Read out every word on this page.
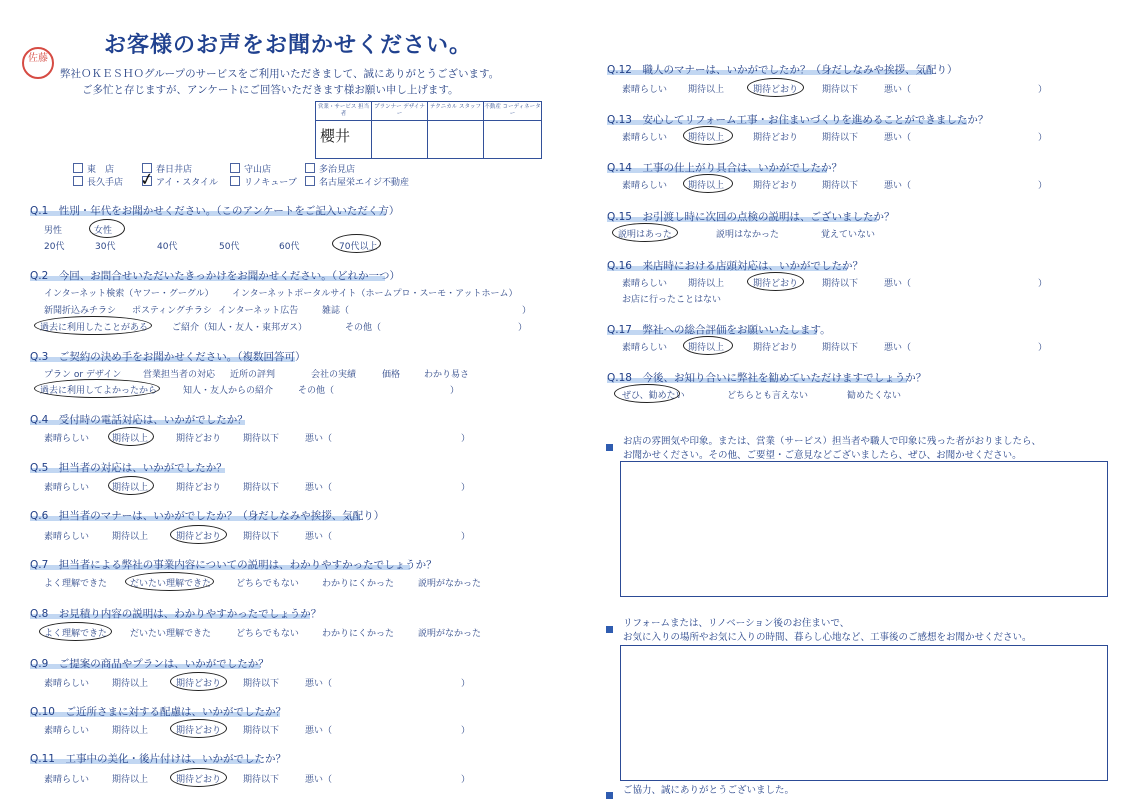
お客様のお声をお聞かせください。
佐藤
弊社ＯＫＥＳＨＯグループのサービスをご利用いただきまして、誠にありがとうございます。
ご多忙と存じますが、アンケートにご回答いただきます様お願い申し上げます。
営業・サービス 担当者
櫻井
プランナー デザイナー
テクニカル スタッフ 不動産 コーディネーター
東　店	春日井店	守山店	多治見店
長久手店	アイ・スタイル	リノキューブ	名古屋栄エイジ不動産
✓
Q.1　性別・年代をお聞かせください。（このアンケートをご記入いただく方）
男性	女性
20代	30代	40代	50代	60代	70代以上
Q.2　今回、お問合せいただいたきっかけをお聞かせください。（どれか一つ）
インターネット検索（ヤフー・グーグル） インターネットポータルサイト（ホームプロ・スーモ・アットホーム）
新聞折込みチラシ ポスティングチラシ インターネット広告	雑誌（	）
過去に利用したことがある	ご紹介（知人・友人・東邦ガス）	その他（	）
Q.3　ご契約の決め手をお聞かせください。（複数回答可）
プラン or デザイン 営業担当者の対応 近所の評判	会社の実績	価格	わかり易さ
過去に利用してよかったから	知人・友人からの紹介	その他（	）
Q.4　受付時の電話対応は、いかがでしたか？
Q.5　担当者の対応は、いかがでしたか？
Q.6　担当者のマナーは、いかがでしたか？（身だしなみや挨拶、気配り）
Q.7　担当者による弊社の事業内容についての説明は、わかりやすかったでしょうか？
Q.8　お見積り内容の説明は、わかりやすかったでしょうか？
Q.9　ご提案の商品やプランは、いかがでしたか？
Q.10　ご近所さまに対する配慮は、いかがでしたか？
Q.11　工事中の美化・後片付けは、いかがでしたか？
素晴らしい	期待以上	期待どおり 期待以下	悪い（	）
素晴らしい	期待以上	期待どおり 期待以下	悪い（	）
素晴らしい	期待以上	期待どおり 期待以下	悪い（	）
よく理解できた	だいたい理解できた	どちらでもない	わかりにくかった	説明がなかった
よく理解できた	だいたい理解できた	どちらでもない	わかりにくかった	説明がなかった
素晴らしい	期待以上	期待どおり 期待以下	悪い（	）
素晴らしい	期待以上	期待どおり 期待以下	悪い（	）
素晴らしい	期待以上	期待どおり 期待以下	悪い（	）
Q.12　職人のマナーは、いかがでしたか？（身だしなみや挨拶、気配り）
Q.13　安心してリフォーム工事・お住まいづくりを進めることができましたか？
Q.14　工事の仕上がり具合は、いかがでしたか？
Q.15　お引渡し時に次回の点検の説明は、ございましたか？
Q.16　来店時における店頭対応は、いかがでしたか？
Q.17　弊社への総合評価をお願いいたします。
Q.18　今後、お知り合いに弊社を勧めていただけますでしょうか？
素晴らしい 期待以上	期待どおり	期待以下	悪い（	）
素晴らしい 期待以上	期待どおり	期待以下	悪い（	）
素晴らしい 期待以上	期待どおり	期待以下	悪い（	）
説明はあった	説明はなかった	覚えていない
素晴らしい 期待以上	期待どおり	期待以下	悪い（	）
お店に行ったことはない
素晴らしい 期待以上	期待どおり	期待以下	悪い（	）
ぜひ、勧めたい	どちらとも言えない	勧めたくない
お店の雰囲気や印象。または、営業（サービス）担当者や職人で印象に残った者がおりましたら、
お聞かせください。その他、ご要望・ご意見などございましたら、ぜひ、お聞かせください。
リフォームまたは、リノベーション後のお住まいで、
お気に入りの場所やお気に入りの時間、暮らし心地など、工事後のご感想をお聞かせください。
ご協力、誠にありがとうございました。
